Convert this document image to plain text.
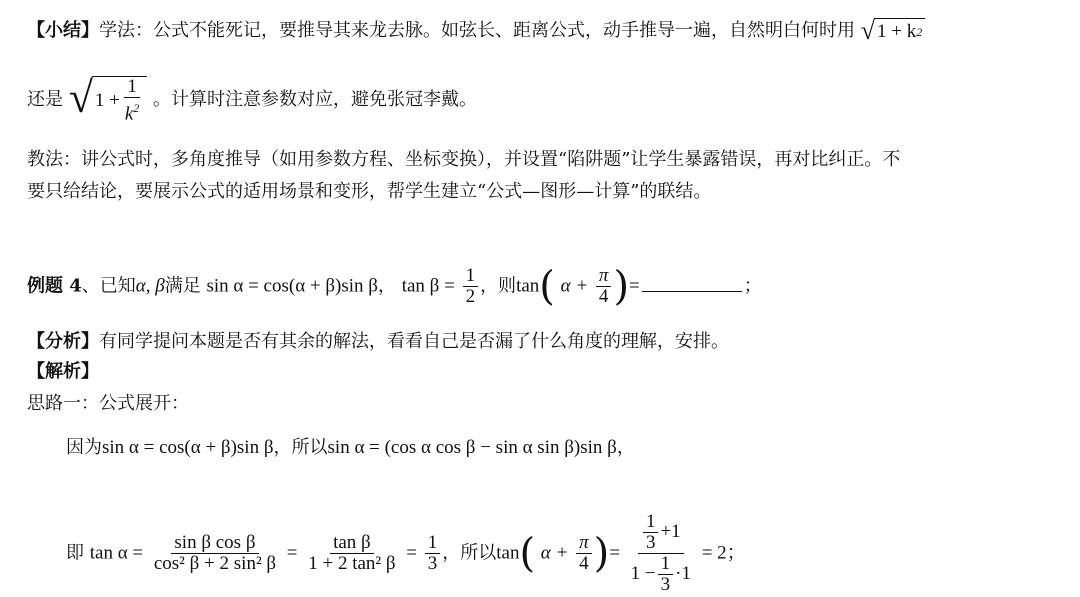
【小结】学法：公式不能死记，要推导其来龙去脉。如弦长、距离公式，动手推导一遍，自然明白何时用 √ 1 + k 2
还是 √ $1 + \frac{1}{k^2}$ 。计算时注意参数对应，避免张冠李戴。
教法：讲公式时，多角度推导（如用参数方程、坐标变换），并设置“陷阱题”让学生暴露错误，再对比纠正。不
要只给结论，要展示公式的适用场景和变形，帮学生建立“公式—图形—计算”的联结。
例题 4、已知α, β满足 sin α = cos(α + β)sin β， $\tan \beta = \frac{1}{2}$ ，则tan( $\alpha + \frac{\pi}{4}$ )=	；
【分析】有同学提问本题是否有其余的解法，看看自己是否漏了什么角度的理解，安排。
【解析】
思路一：公式展开：
因为sin α = cos(α + β)sin β，所以sin α = (cos α cos β − sin α sin β)sin β，
即 $\tan \alpha = \frac{\text{sin β cos β}}{\text{cos² β + 2 sin² β}} = \frac{\text{tan β}}{\text{1 + 2 tan² β}} = \frac{1}{3}$ ，所以tan( $\alpha + \frac{\pi}{4}$ )= $\frac{\frac{1}{3} +1}{1 - \frac{1}{3} \cdot 1} = 2$；
